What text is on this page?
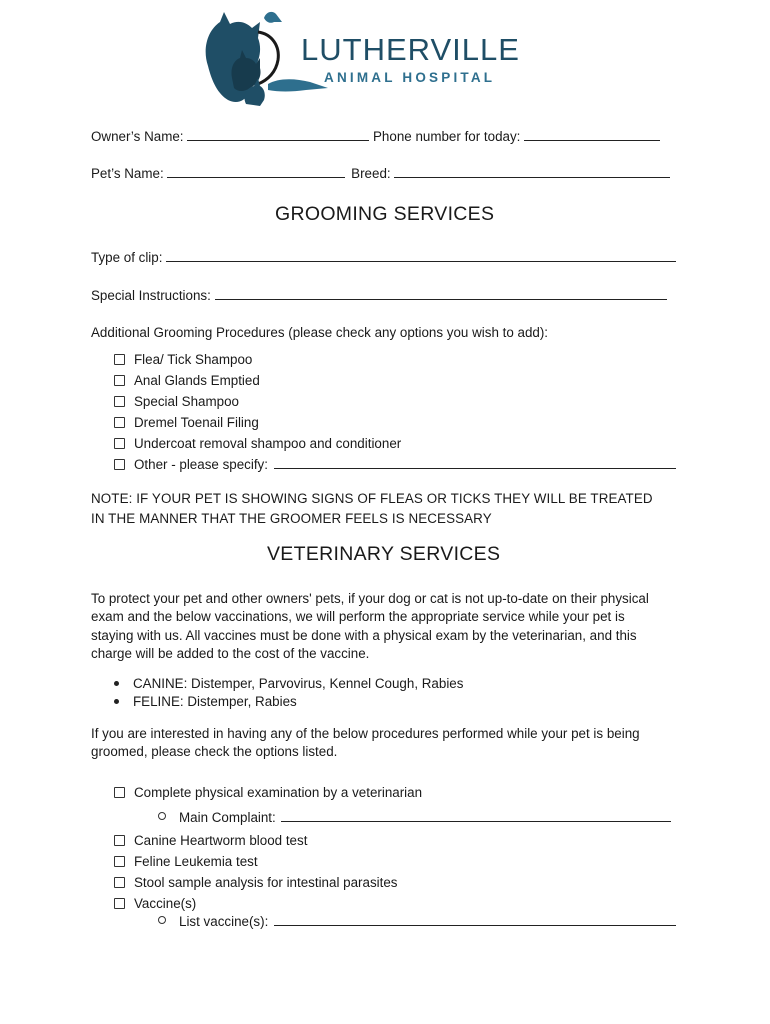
LUTHERVILLE
ANIMAL HOSPITAL
Owner’s Name:	Phone number for today:
Pet’s Name:	Breed:
GROOMING SERVICES
Type of clip:
Special Instructions:
Additional Grooming Procedures (please check any options you wish to add):
Flea/ Tick Shampoo
Anal Glands Emptied
Special Shampoo
Dremel Toenail Filing
Undercoat removal shampoo and conditioner
Other - please specify:
NOTE: IF YOUR PET IS SHOWING SIGNS OF FLEAS OR TICKS THEY WILL BE TREATED
IN THE MANNER THAT THE GROOMER FEELS IS NECESSARY
VETERINARY SERVICES
To protect your pet and other owners' pets, if your dog or cat is not up-to-date on their physical
exam and the below vaccinations, we will perform the appropriate service while your pet is
staying with us. All vaccines must be done with a physical exam by the veterinarian, and this
charge will be added to the cost of the vaccine.
CANINE: Distemper, Parvovirus, Kennel Cough, Rabies
FELINE: Distemper, Rabies
If you are interested in having any of the below procedures performed while your pet is being
groomed, please check the options listed.
Complete physical examination by a veterinarian
Main Complaint:
Canine Heartworm blood test
Feline Leukemia test
Stool sample analysis for intestinal parasites
Vaccine(s)
List vaccine(s):
